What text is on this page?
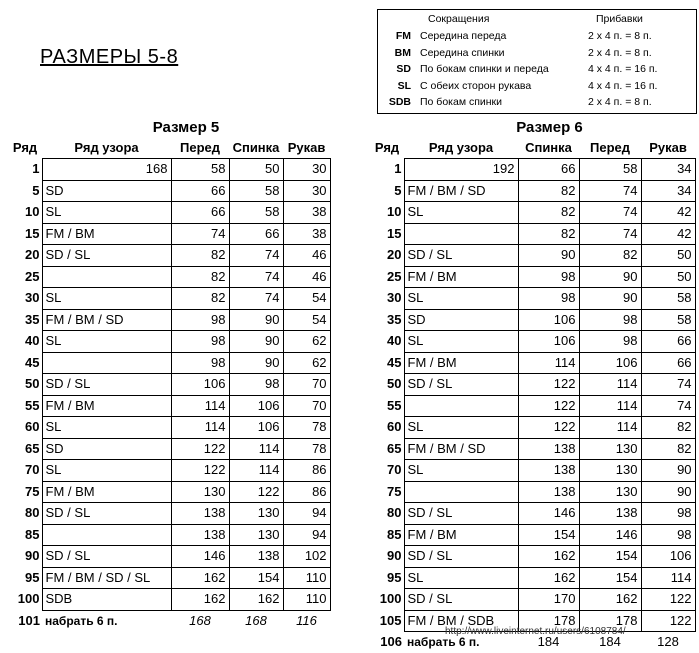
РАЗМЕРЫ 5-8
Сокращения	Прибавки
FM Середина переда	2 х 4 п. = 8 п.
BM Середина спинки	2 х 4 п. = 8 п.
SD По бокам спинки и переда	4 х 4 п. = 16 п.
SL С обеих сторон рукава	4 х 4 п. = 16 п.
SDB По бокам спинки	2 х 4 п. = 8 п.
	Размер 5			
Ряд	Ряд узора	Перед	Спинка	Рукав
1	168	58	50	30
5	SD	66	58	30
10	SL	66	58	38
15	FM / BM	74	66	38
20	SD / SL	82	74	46
25		82	74	46
30	SL	82	74	54
35	FM / BM / SD	98	90	54
40	SL	98	90	62
45		98	90	62
50	SD / SL	106	98	70
55	FM / BM	114	106	70
60	SL	114	106	78
65	SD	122	114	78
70	SL	122	114	86
75	FM / BM	130	122	86
80	SD / SL	138	130	94
85		138	130	94
90	SD / SL	146	138	102
95	FM / BM / SD / SL	162	154	110
100	SDB	162	162	110
101	набрать 6 п.	168	168	116
	Размер 6			
Ряд	Ряд узора	Спинка	Перед	Рукав
1	192	66	58	34
5	FM / BM / SD	82	74	34
10	SL	82	74	42
15		82	74	42
20	SD / SL	90	82	50
25	FM / BM	98	90	50
30	SL	98	90	58
35	SD	106	98	58
40	SL	106	98	66
45	FM / BM	114	106	66
50	SD / SL	122	114	74
55		122	114	74
60	SL	122	114	82
65	FM / BM / SD	138	130	82
70	SL	138	130	90
75		138	130	90
80	SD / SL	146	138	98
85	FM / BM	154	146	98
90	SD / SL	162	154	106
95	SL	162	154	114
100	SD / SL	170	162	122
105	FM / BM / SDB	178	178	122
106	набрать 6 п.	184	184	128
http://www.liveinternet.ru/users/6108784/
